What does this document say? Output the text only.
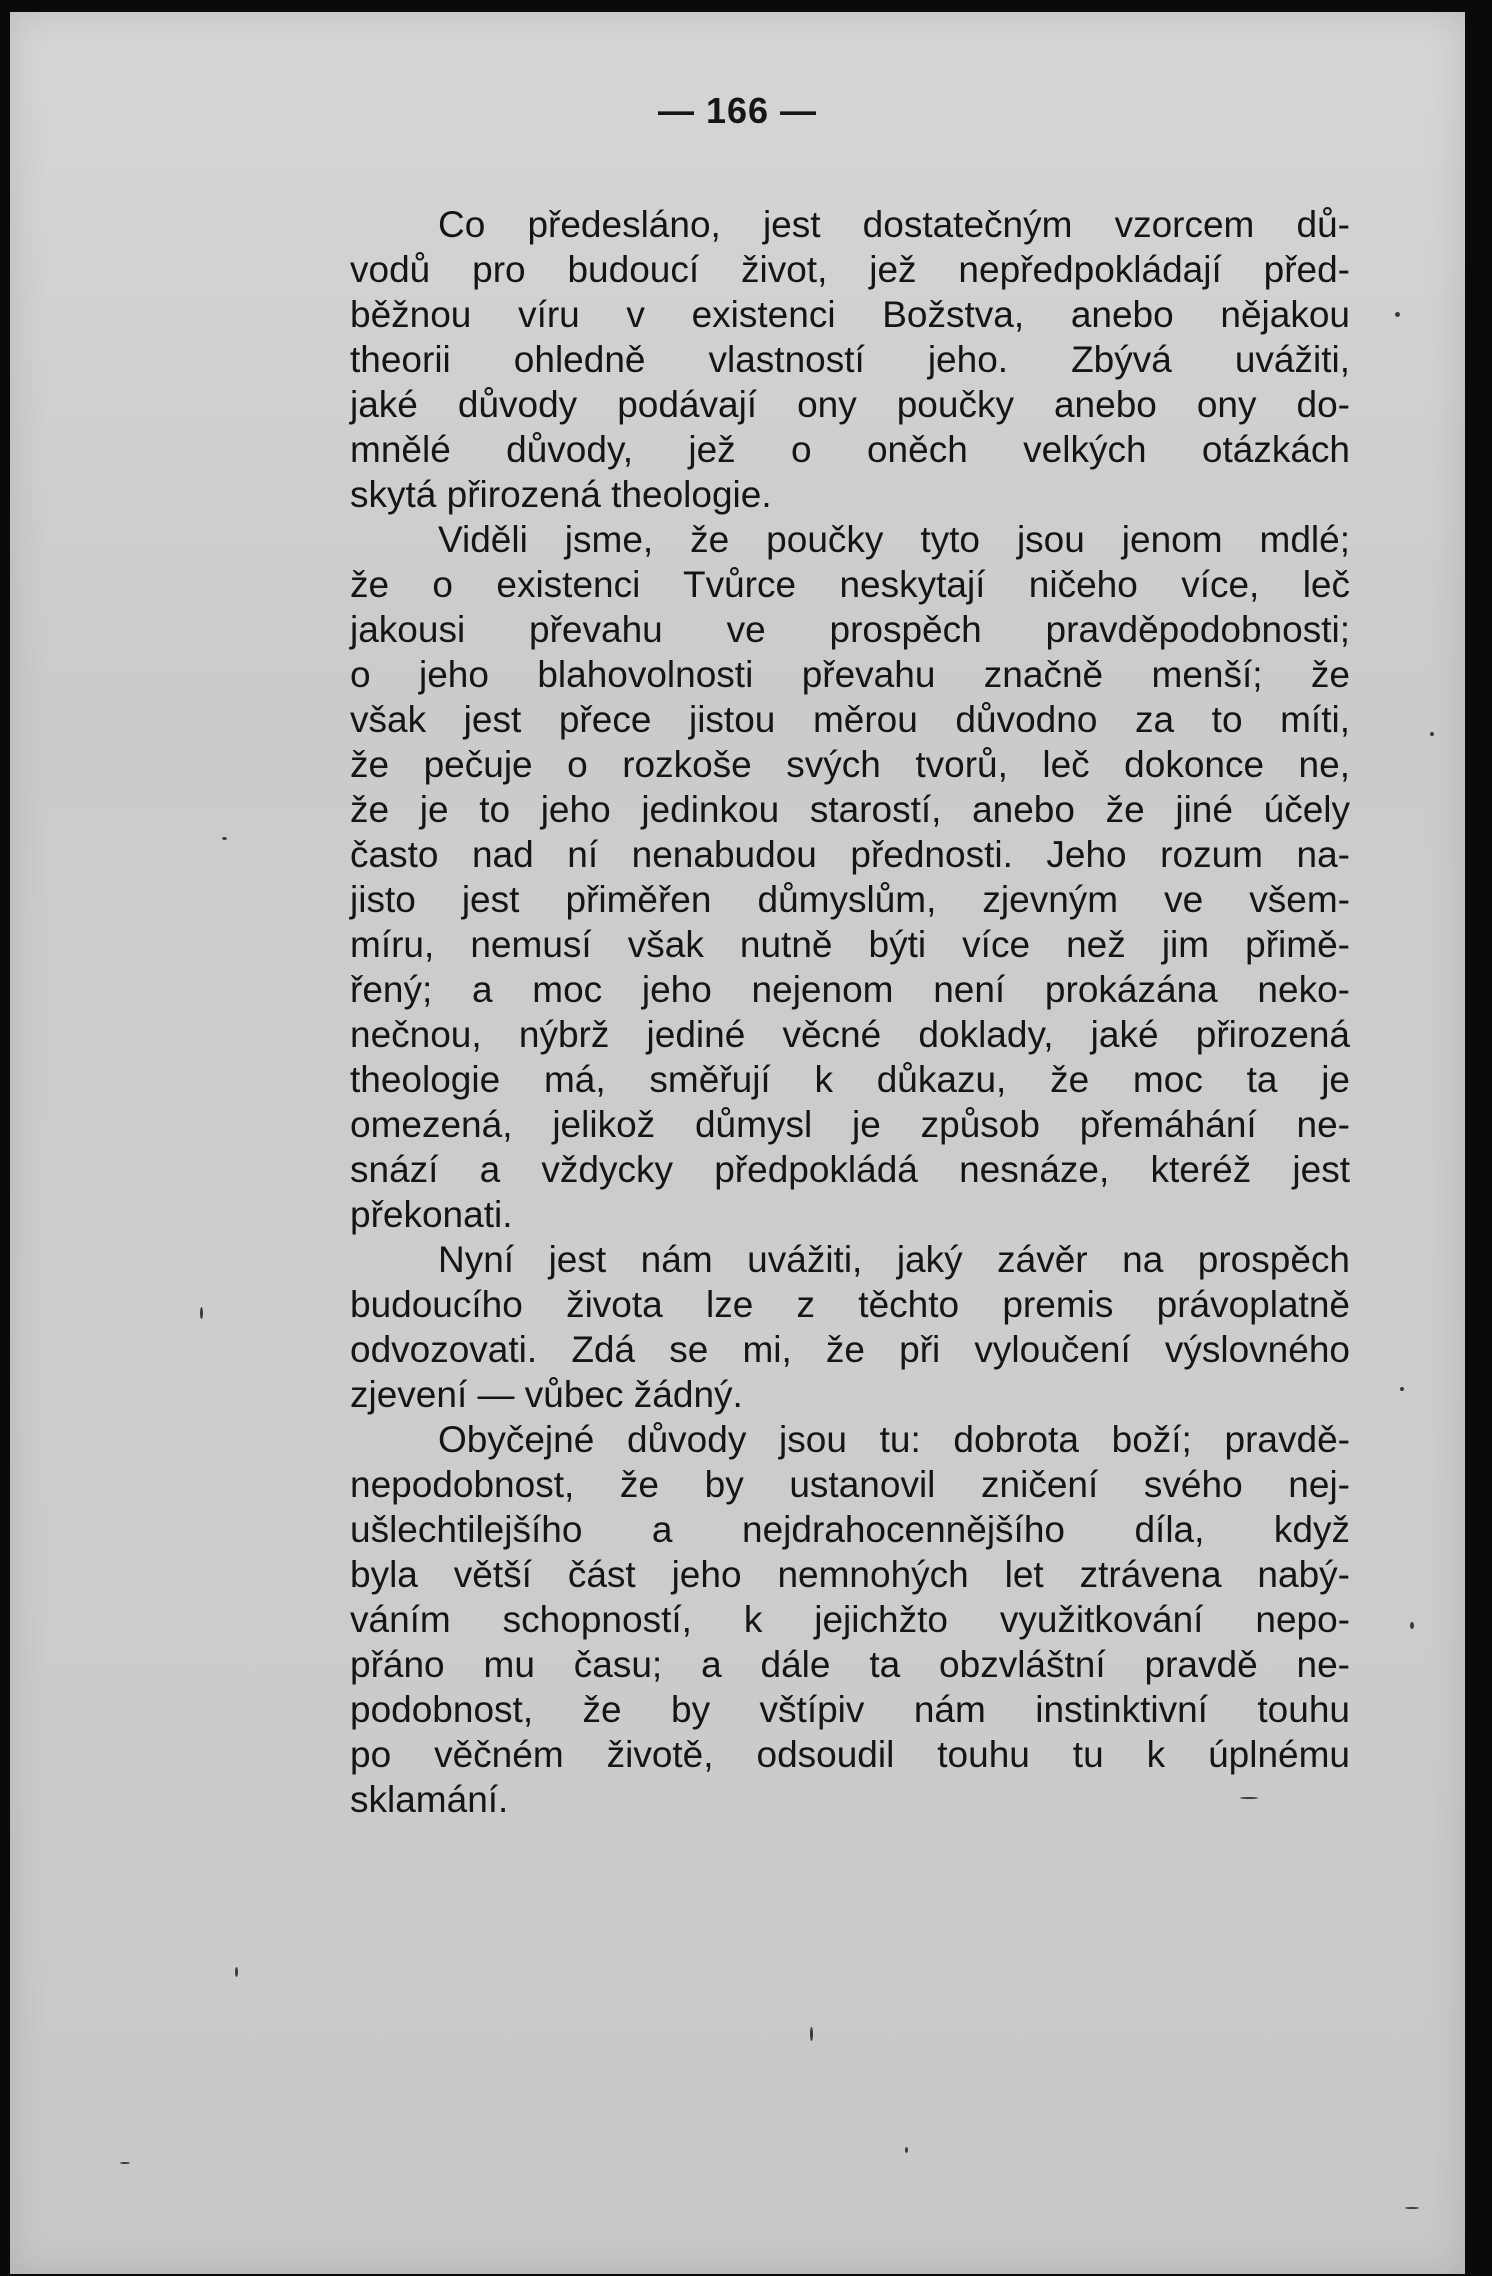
— 166 —
Co předesláno, jest dostatečným vzorcem dů-
vodů pro budoucí život, jež nepředpokládají před-
běžnou víru v existenci Božstva, anebo nějakou
theorii ohledně vlastností jeho. Zbývá uvážiti,
jaké důvody podávají ony poučky anebo ony do-
mnělé důvody, jež o oněch velkých otázkách
skytá přirozená theologie.
Viděli jsme, že poučky tyto jsou jenom mdlé;
že o existenci Tvůrce neskytají ničeho více, leč
jakousi převahu ve prospěch pravděpodobnosti;
o jeho blahovolnosti převahu značně menší; že
však jest přece jistou měrou důvodno za to míti,
že pečuje o rozkoše svých tvorů, leč dokonce ne,
že je to jeho jedinkou starostí, anebo že jiné účely
často nad ní nenabudou přednosti. Jeho rozum na-
jisto jest přiměřen důmyslům, zjevným ve všem-
míru, nemusí však nutně býti více než jim přimě-
řený; a moc jeho nejenom není prokázána neko-
nečnou, nýbrž jediné věcné doklady, jaké přirozená
theologie má, směřují k důkazu, že moc ta je
omezená, jelikož důmysl je způsob přemáhání ne-
snází a vždycky předpokládá nesnáze, kteréž jest
překonati.
Nyní jest nám uvážiti, jaký závěr na prospěch
budoucího života lze z těchto premis právoplatně
odvozovati. Zdá se mi, že při vyloučení výslovného
zjevení — vůbec žádný.
Obyčejné důvody jsou tu: dobrota boží; pravdě-
nepodobnost, že by ustanovil zničení svého nej-
ušlechtilejšího a nejdrahocennějšího díla, když
byla větší část jeho nemnohých let ztrávena nabý-
váním schopností, k jejichžto využitkování nepo-
přáno mu času; a dále ta obzvláštní pravdě ne-
podobnost, že by vštípiv nám instinktivní touhu
po věčném životě, odsoudil touhu tu k úplnému
sklamání.
